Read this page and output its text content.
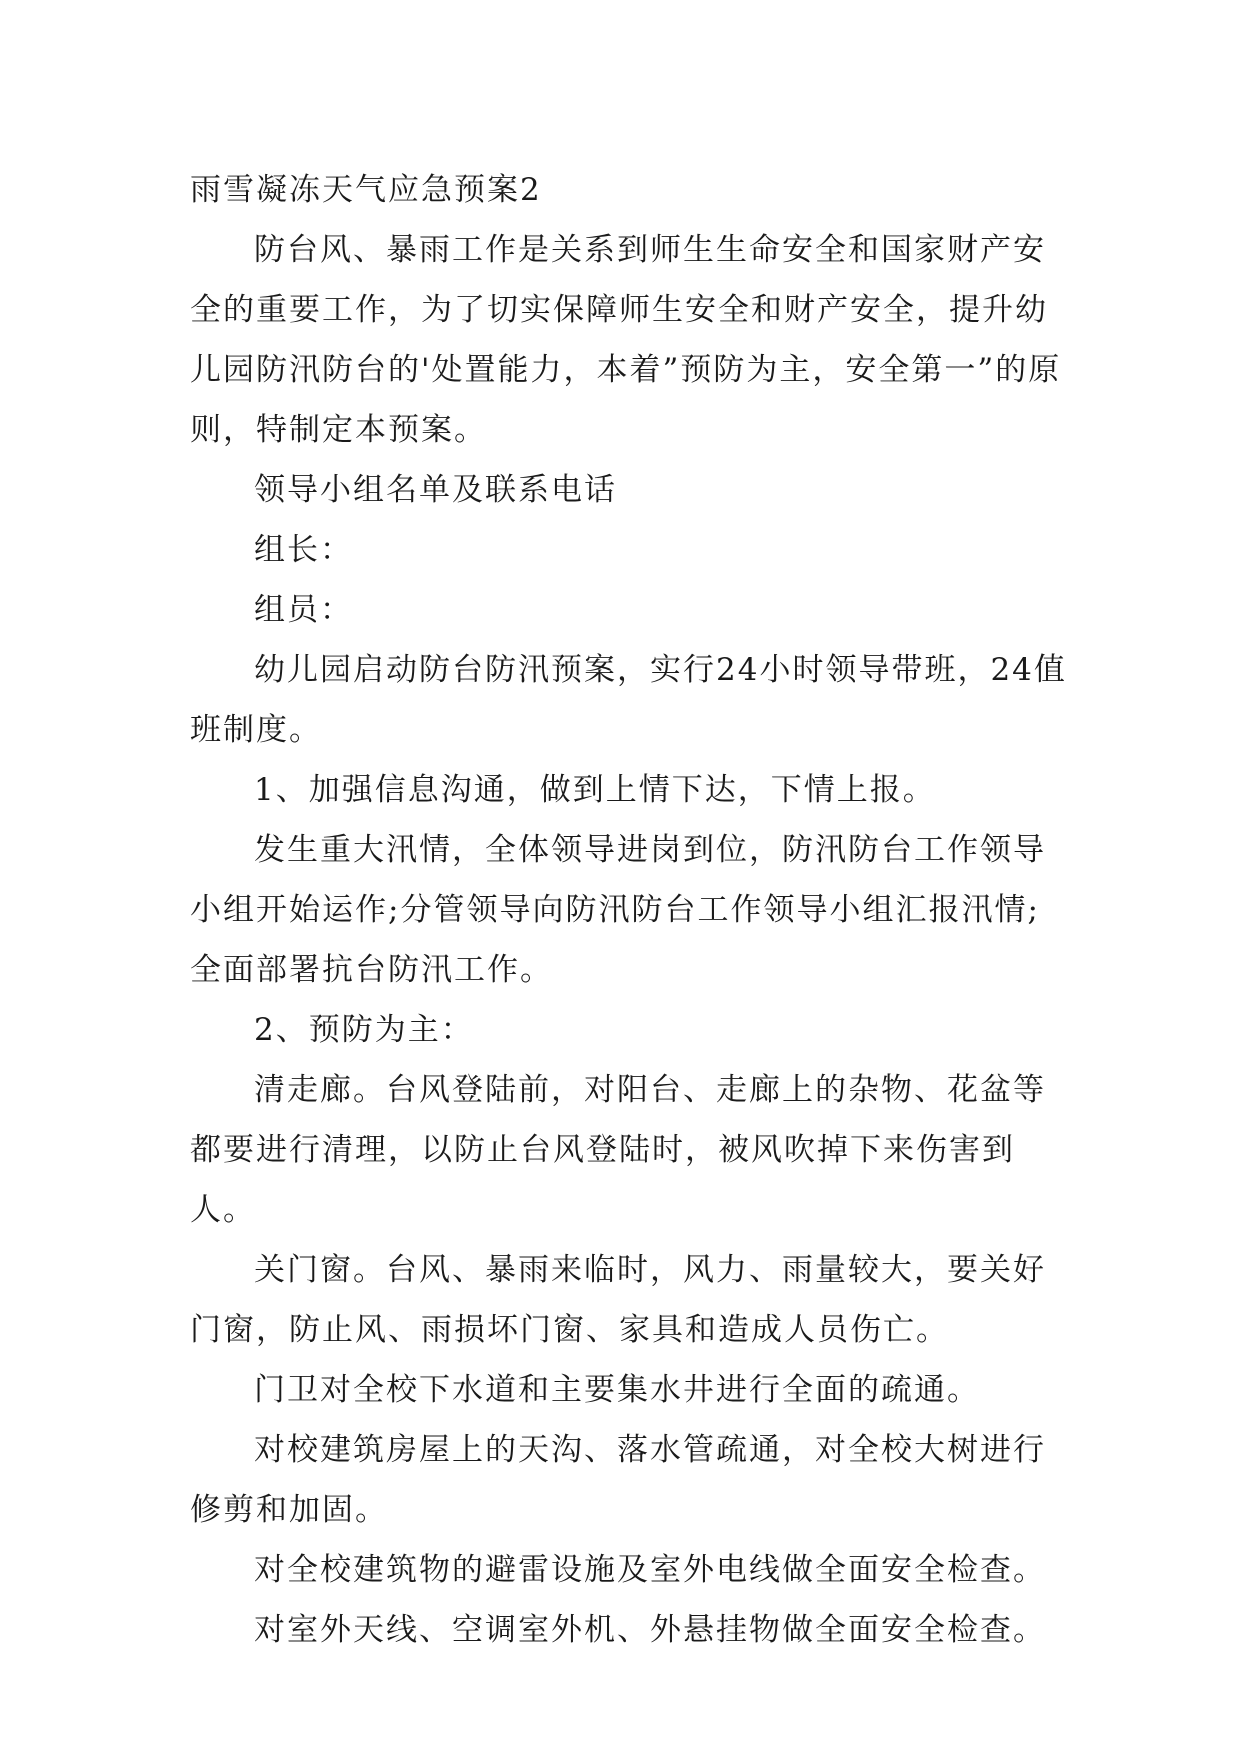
雨雪凝冻天气应急预案2

防台风、暴雨工作是关系到师生生命安全和国家财产安全的重要工作，为了切实保障师生安全和财产安全，提升幼儿园防汛防台的'处置能力，本着”预防为主，安全第一”的原则，特制定本预案。

领导小组名单及联系电话

组长：

组员：

幼儿园启动防台防汛预案，实行24小时领导带班，24值班制度。

1、加强信息沟通，做到上情下达，下情上报。

发生重大汛情，全体领导进岗到位，防汛防台工作领导小组开始运作;分管领导向防汛防台工作领导小组汇报汛情;全面部署抗台防汛工作。

2、预防为主：

清走廊。台风登陆前，对阳台、走廊上的杂物、花盆等都要进行清理，以防止台风登陆时，被风吹掉下来伤害到人。

关门窗。台风、暴雨来临时，风力、雨量较大，要关好门窗，防止风、雨损坏门窗、家具和造成人员伤亡。

门卫对全校下水道和主要集水井进行全面的疏通。

对校建筑房屋上的天沟、落水管疏通，对全校大树进行修剪和加固。

对全校建筑物的避雷设施及室外电线做全面安全检查。

对室外天线、空调室外机、外悬挂物做全面安全检查。
